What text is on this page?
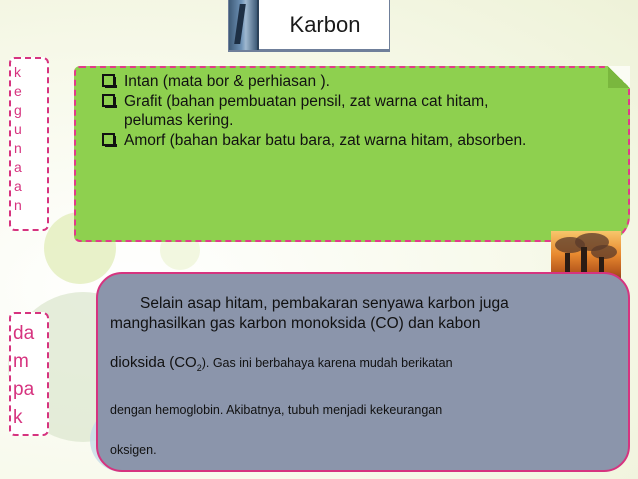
Karbon
k
e
g
u
n
a
a
n
Intan (mata bor & perhiasan ).
Grafit (bahan pembuatan pensil, zat warna cat hitam,
pelumas kering.
Amorf (bahan bakar batu bara, zat warna hitam, absorben.
da
m
pa
k
Selain asap hitam, pembakaran senyawa karbon juga
manghasilkan gas karbon monoksida (CO) dan kabon
dioksida $(CO_2)$. Gas ini berbahaya karena mudah berikatan
dengan hemoglobin. Akibatnya, tubuh menjadi kekeurangan
oksigen.
